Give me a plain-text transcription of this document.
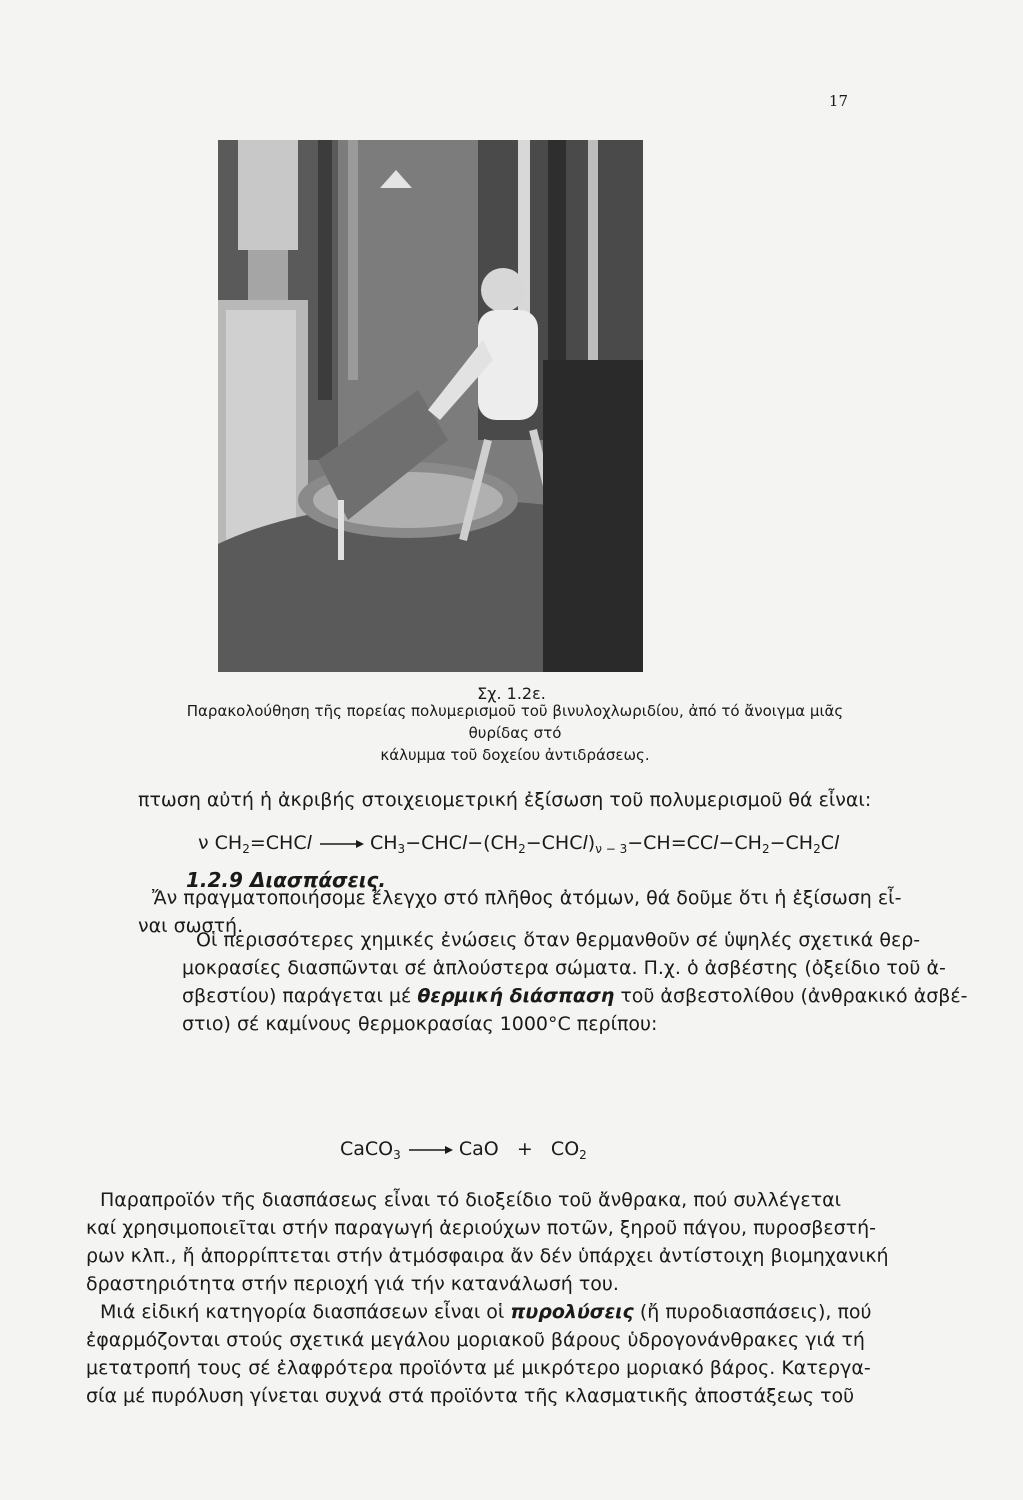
17
Σχ. 1.2ε.
Παρακολούθηση τῆς πορείας πολυμερισμοῦ τοῦ βινυλοχλωριδίου, ἀπό τό ἄνοιγμα μιᾶς θυρίδας στό
κάλυμμα τοῦ δοχείου ἀντιδράσεως.
πτωση αὐτή ἡ ἀκριβής στοιχειομετρική ἐξίσωση τοῦ πολυμερισμοῦ θά εἶναι:
ν $CH_2=CHCl$ → $CH_3-CHCl-(CH_2-CHCl)_{\nu - 3}-CH=CCl-CH_2-CH_2Cl$
Ἄν πραγματοποιήσομε ἔλεγχο στό πλῆθος ἀτόμων, θά δοῦμε ὅτι ἡ ἐξίσωση εἶ-
ναι σωστή.
1.2.9 Διασπάσεις.
Οἱ περισσότερες χημικές ἐνώσεις ὅταν θερμανθοῦν σέ ὑψηλές σχετικά θερ-
μοκρασίες διασπῶνται σέ ἁπλούστερα σώματα. Π.χ. ὁ ἀσβέστης (ὀξείδιο τοῦ ἀ-
σβεστίου) παράγεται μέ θερμική διάσπαση τοῦ ἀσβεστολίθου (ἀνθρακικό ἀσβέ-
στιο) σέ καμίνους θερμοκρασίας 1000°C περίπου:
CaCO$_3$ → CaO + $CO_2$
Παραπροϊόν τῆς διασπάσεως εἶναι τό διοξείδιο τοῦ ἄνθρακα, πού συλλέγεται
καί χρησιμοποιεῖται στήν παραγωγή ἀεριούχων ποτῶν, ξηροῦ πάγου, πυροσβεστή-
ρων κλπ., ἤ ἀπορρίπτεται στήν ἀτμόσφαιρα ἄν δέν ὑπάρχει ἀντίστοιχη βιομηχανική
δραστηριότητα στήν περιοχή γιά τήν κατανάλωσή του.
Μιά εἰδική κατηγορία διασπάσεων εἶναι οἱ πυρολύσεις (ἤ πυροδιασπάσεις), πού
ἐφαρμόζονται στούς σχετικά μεγάλου μοριακοῦ βάρους ὑδρογονάνθρακες γιά τή
μετατροπή τους σέ ἐλαφρότερα προϊόντα μέ μικρότερο μοριακό βάρος. Κατεργα-
σία μέ πυρόλυση γίνεται συχνά στά προϊόντα τῆς κλασματικῆς ἀποστάξεως τοῦ
